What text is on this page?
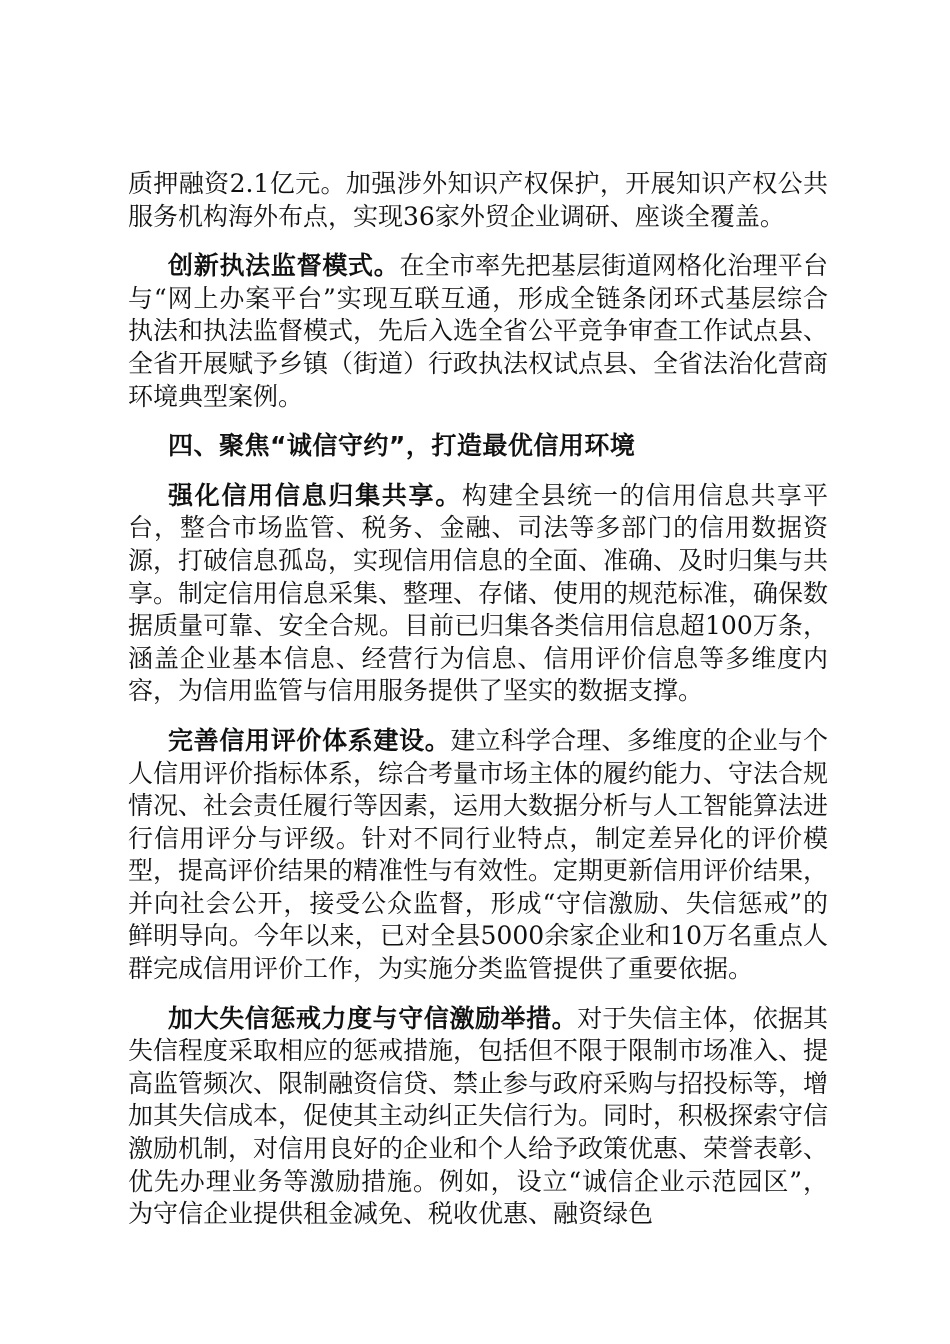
质押融资2.1亿元。加强涉外知识产权保护，开展知识产权公共服务机构海外布点，实现36家外贸企业调研、座谈全覆盖。

创新执法监督模式。在全市率先把基层街道网格化治理平台与“网上办案平台”实现互联互通，形成全链条闭环式基层综合执法和执法监督模式，先后入选全省公平竞争审查工作试点县、全省开展赋予乡镇（街道）行政执法权试点县、全省法治化营商环境典型案例。

四、聚焦“诚信守约”，打造最优信用环境

强化信用信息归集共享。构建全县统一的信用信息共享平台，整合市场监管、税务、金融、司法等多部门的信用数据资源，打破信息孤岛，实现信用信息的全面、准确、及时归集与共享。制定信用信息采集、整理、存储、使用的规范标准，确保数据质量可靠、安全合规。目前已归集各类信用信息超100万条，涵盖企业基本信息、经营行为信息、信用评价信息等多维度内容，为信用监管与信用服务提供了坚实的数据支撑。

完善信用评价体系建设。建立科学合理、多维度的企业与个人信用评价指标体系，综合考量市场主体的履约能力、守法合规情况、社会责任履行等因素，运用大数据分析与人工智能算法进行信用评分与评级。针对不同行业特点，制定差异化的评价模型，提高评价结果的精准性与有效性。定期更新信用评价结果，并向社会公开，接受公众监督，形成“守信激励、失信惩戒”的鲜明导向。今年以来，已对全县5000余家企业和10万名重点人群完成信用评价工作，为实施分类监管提供了重要依据。

加大失信惩戒力度与守信激励举措。对于失信主体，依据其失信程度采取相应的惩戒措施，包括但不限于限制市场准入、提高监管频次、限制融资信贷、禁止参与政府采购与招投标等，增加其失信成本，促使其主动纠正失信行为。同时，积极探索守信激励机制，对信用良好的企业和个人给予政策优惠、荣誉表彰、优先办理业务等激励措施。例如，设立“诚信企业示范园区”，为守信企业提供租金减免、税收优惠、融资绿色
